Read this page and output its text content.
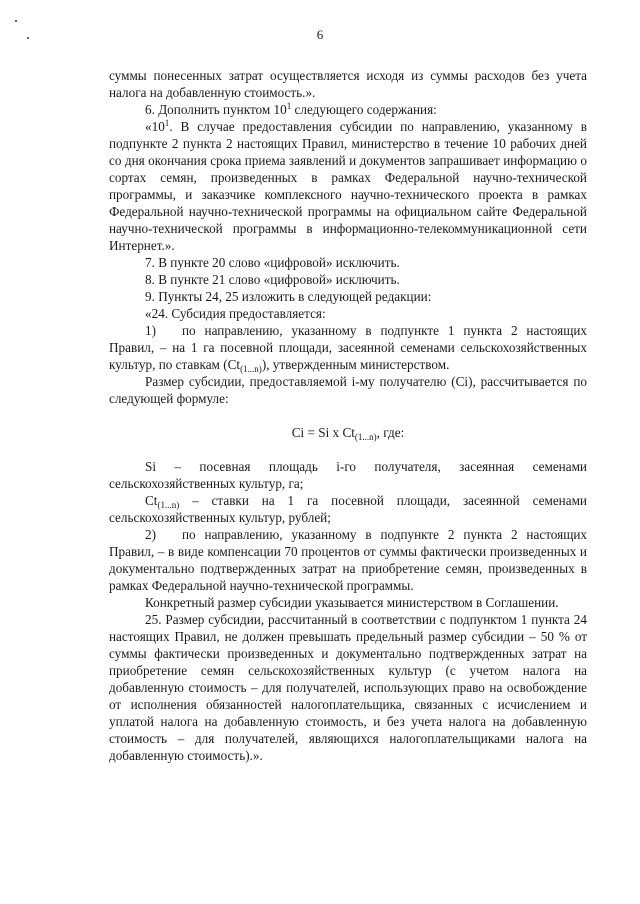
6

суммы понесенных затрат осуществляется исходя из суммы расходов без учета налога на добавленную стоимость.».

6. Дополнить пунктом $10^1$ следующего содержания:

«$10^1$. В случае предоставления субсидии по направлению, указанному в подпункте 2 пункта 2 настоящих Правил, министерство в течение 10 рабочих дней со дня окончания срока приема заявлений и документов запрашивает информацию о сортах семян, произведенных в рамках Федеральной научно-технической программы, и заказчике комплексного научно-технического проекта в рамках Федеральной научно-технической программы на официальном сайте Федеральной научно-технической программы в информационно-телекоммуникационной сети Интернет.».

7. В пункте 20 слово «цифровой» исключить.

8. В пункте 21 слово «цифровой» исключить.

9. Пункты 24, 25 изложить в следующей редакции:

«24. Субсидия предоставляется:

1) по направлению, указанному в подпункте 1 пункта 2 настоящих Правил, – на 1 га посевной площади, засеянной семенами сельскохозяйственных культур, по ставкам $(Ct_{(1...n)})$, утвержденным министерством.

Размер субсидии, предоставляемой i-му получателю (Ci), рассчитывается по следующей формуле:

Ci = Si x $Ct_{(1...n)}$, где:

Si – посевная площадь i-го получателя, засеянная семенами сельскохозяйственных культур, га;

$Ct_{(1...n)}$ – ставки на 1 га посевной площади, засеянной семенами сельскохозяйственных культур, рублей;

2) по направлению, указанному в подпункте 2 пункта 2 настоящих Правил, – в виде компенсации 70 процентов от суммы фактически произведенных и документально подтвержденных затрат на приобретение семян, произведенных в рамках Федеральной научно-технической программы.

Конкретный размер субсидии указывается министерством в Соглашении.

25. Размер субсидии, рассчитанный в соответствии с подпунктом 1 пункта 24 настоящих Правил, не должен превышать предельный размер субсидии – 50 % от суммы фактически произведенных и документально подтвержденных затрат на приобретение семян сельскохозяйственных культур (с учетом налога на добавленную стоимость – для получателей, использующих право на освобождение от исполнения обязанностей налогоплательщика, связанных с исчислением и уплатой налога на добавленную стоимость, и без учета налога на добавленную стоимость – для получателей, являющихся налогоплательщиками налога на добавленную стоимость).».
